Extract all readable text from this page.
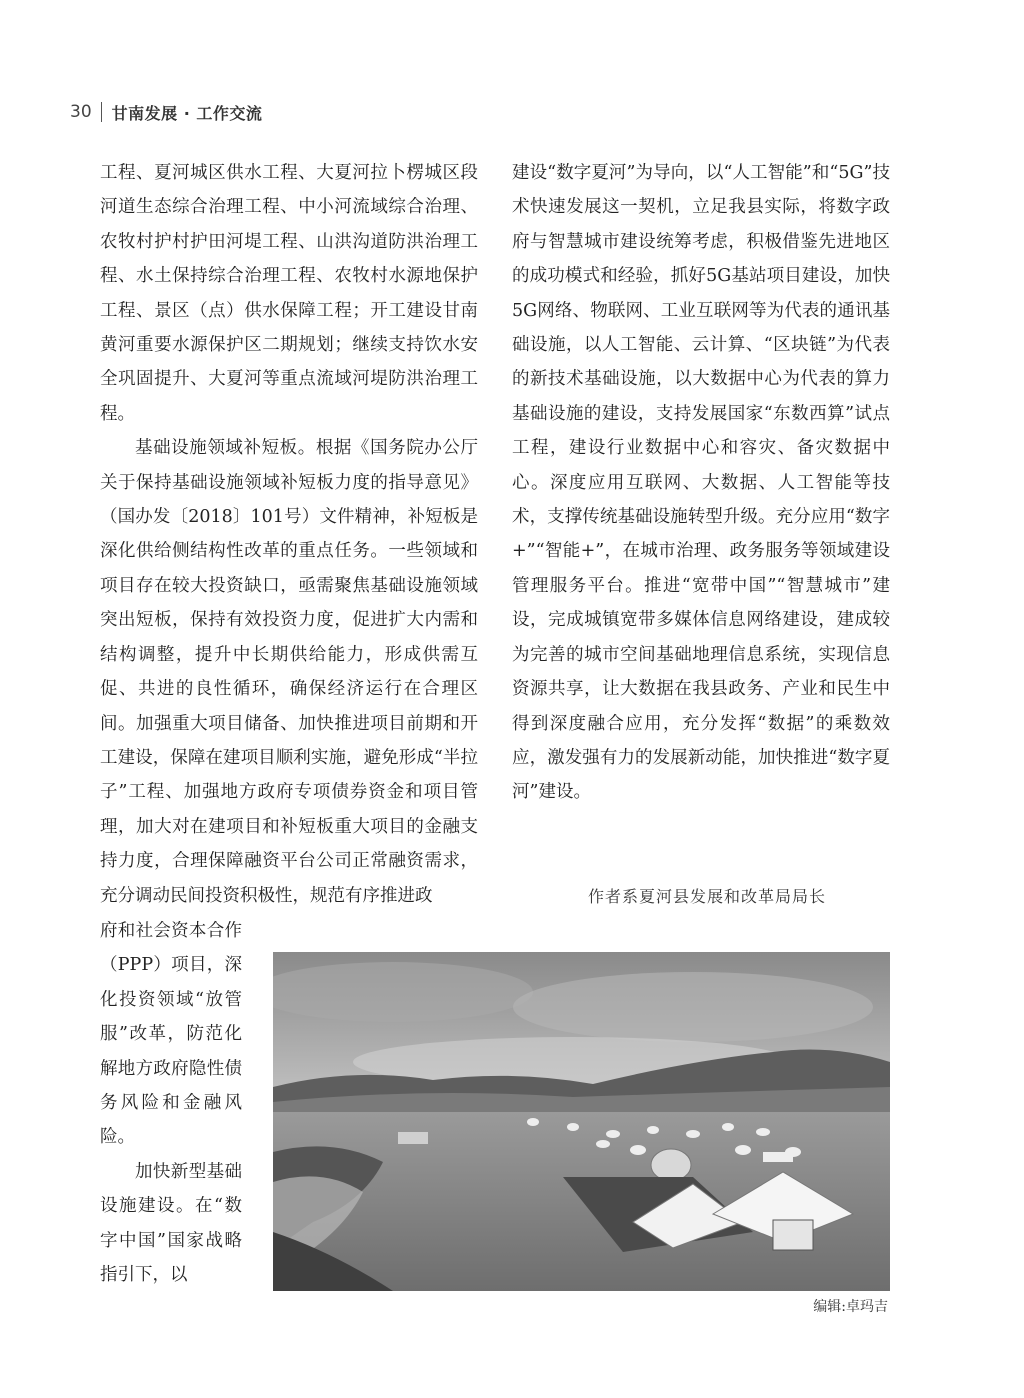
30 甘南发展 · 工作交流

工程、夏河城区供水工程、大夏河拉卜楞城区段河道生态综合治理工程、中小河流域综合治理、农牧村护村护田河堤工程、山洪沟道防洪治理工程、水土保持综合治理工程、农牧村水源地保护工程、景区（点）供水保障工程；开工建设甘南黄河重要水源保护区二期规划；继续支持饮水安全巩固提升、大夏河等重点流域河堤防洪治理工程。

基础设施领域补短板。根据《国务院办公厅关于保持基础设施领域补短板力度的指导意见》（国办发〔2018〕101号）文件精神，补短板是深化供给侧结构性改革的重点任务。一些领域和项目存在较大投资缺口，亟需聚焦基础设施领域突出短板，保持有效投资力度，促进扩大内需和结构调整，提升中长期供给能力，形成供需互促、共进的良性循环，确保经济运行在合理区间。加强重大项目储备、加快推进项目前期和开工建设，保障在建项目顺利实施，避免形成“半拉子”工程、加强地方政府专项债券资金和项目管理，加大对在建项目和补短板重大项目的金融支持力度，合理保障融资平台公司正常融资需求，充分调动民间投资积极性，规范有序推进政

府和社会资本合作（PPP）项目，深化投资领域“放管服”改革，防范化解地方政府隐性债务风险和金融风险。

加快新型基础设施建设。在“数字中国”国家战略指引下，以

建设“数字夏河”为导向，以“人工智能”和“5G”技术快速发展这一契机，立足我县实际，将数字政府与智慧城市建设统筹考虑，积极借鉴先进地区的成功模式和经验，抓好5G基站项目建设，加快5G网络、物联网、工业互联网等为代表的通讯基础设施，以人工智能、云计算、“区块链”为代表的新技术基础设施，以大数据中心为代表的算力基础设施的建设，支持发展国家“东数西算”试点工程，建设行业数据中心和容灾、备灾数据中心。深度应用互联网、大数据、人工智能等技术，支撑传统基础设施转型升级。充分应用“数字+”“智能+”，在城市治理、政务服务等领域建设管理服务平台。推进“宽带中国”“智慧城市”建设，完成城镇宽带多媒体信息网络建设，建成较为完善的城市空间基础地理信息系统，实现信息资源共享，让大数据在我县政务、产业和民生中得到深度融合应用，充分发挥“数据”的乘数效应，激发强有力的发展新动能，加快推进“数字夏河”建设。

作者系夏河县发展和改革局局长
编辑:卓玛吉
